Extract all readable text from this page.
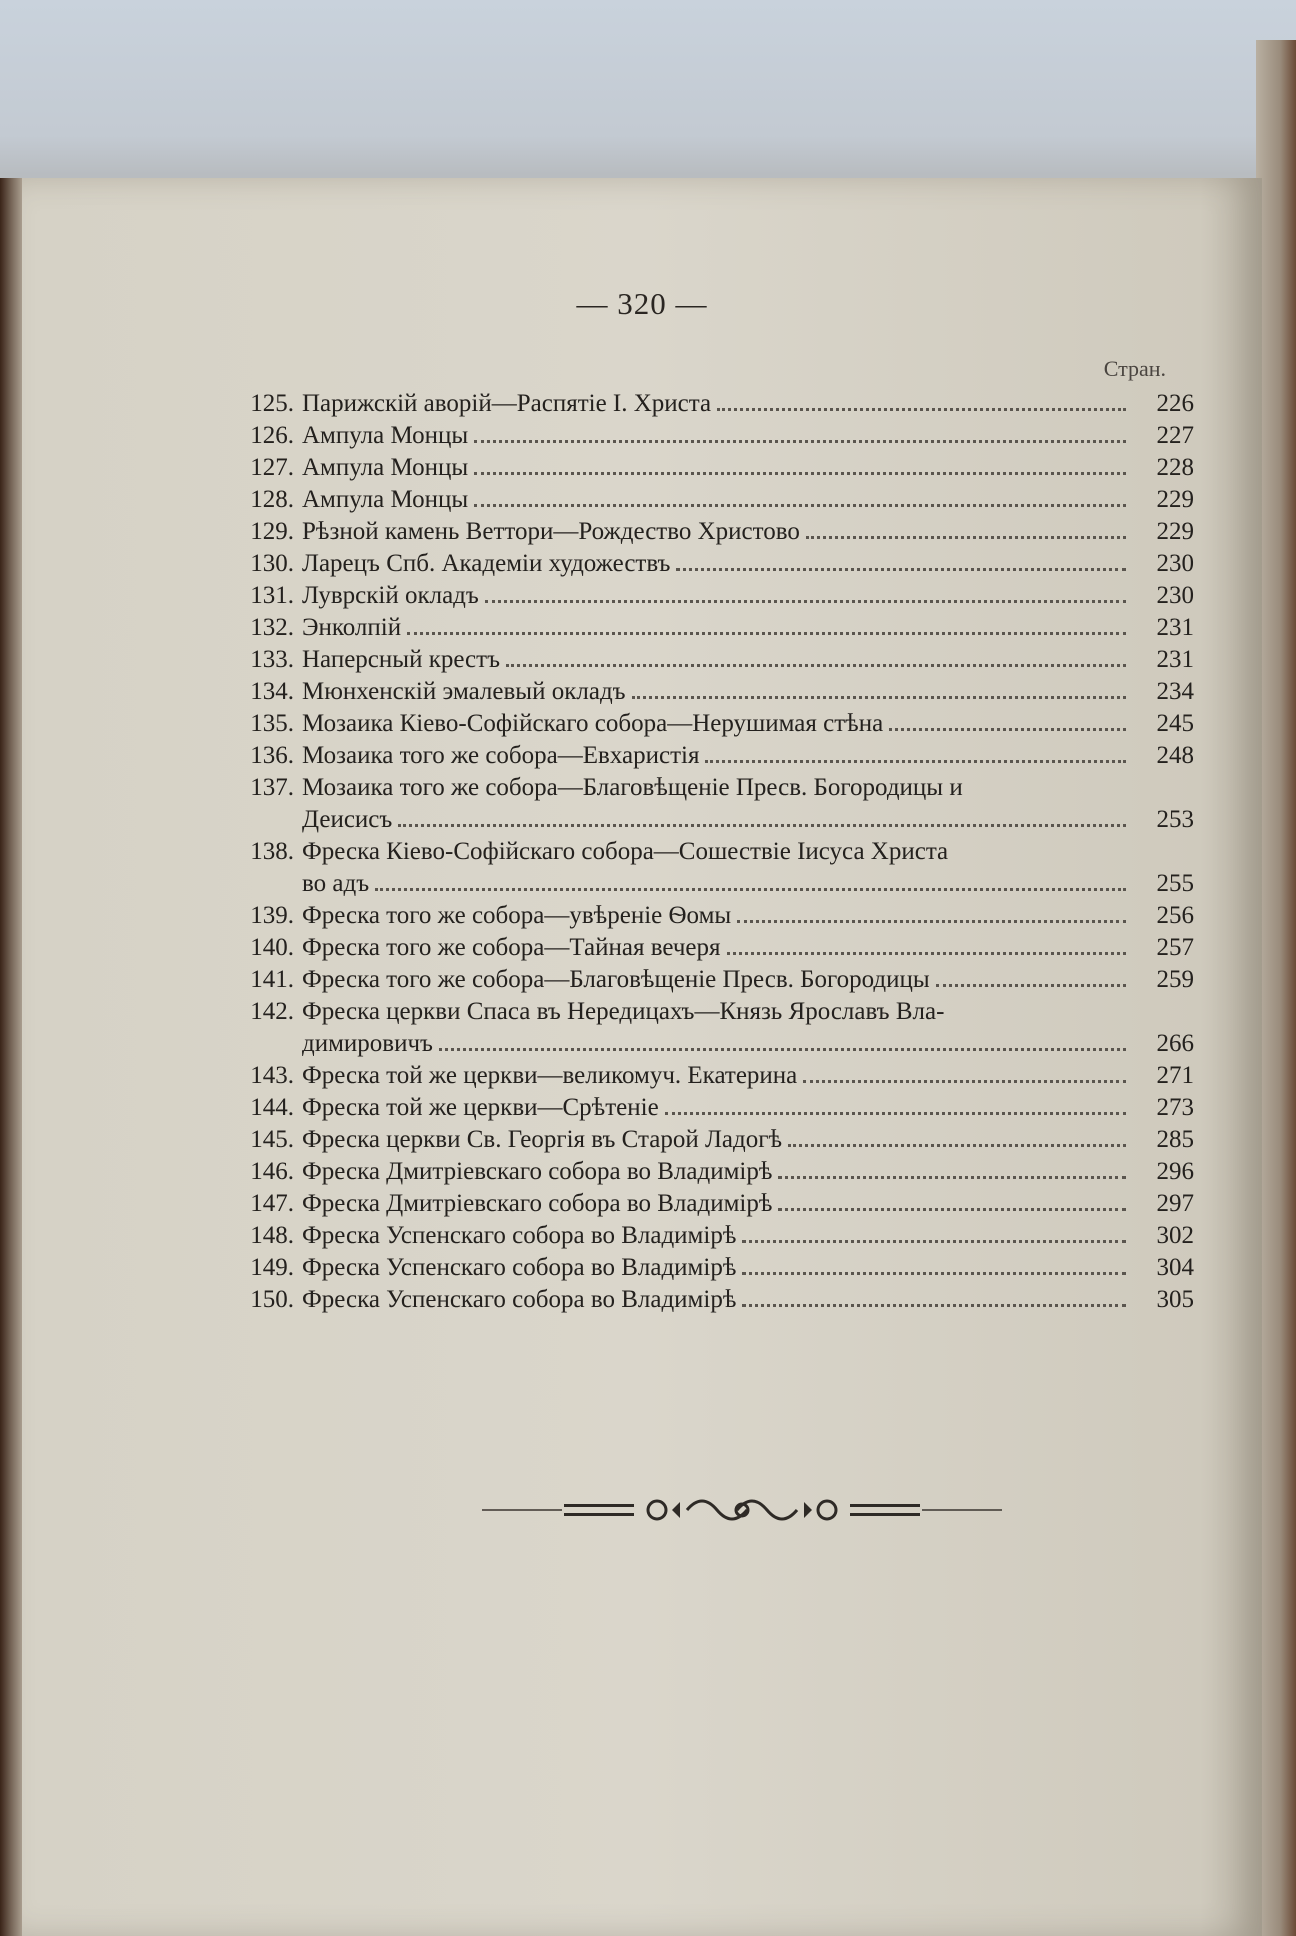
— 320 —
Стран.
125. Парижскій аворій—Распятіе І. Христа	226
126. Ампула Монцы	227
127. Ампула Монцы	228
128. Ампула Монцы	229
129. Рѣзной камень Веттори—Рождество Христово	229
130. Ларецъ Спб. Академіи художествъ	230
131. Луврскій окладъ	230
132. Энколпій	231
133. Наперсный крестъ	231
134. Мюнхенскій эмалевый окладъ	234
135. Мозаика Кіево-Софійскаго собора—Нерушимая стѣна	245
136. Мозаика того же собора—Евхаристія	248
137. Мозаика того же собора—Благовѣщеніе Пресв. Богородицы и
Деисисъ	253
138. Фреска Кіево-Софійскаго собора—Сошествіе Іисуса Христа
во адъ	255
139. Фреска того же собора—увѣреніе Ѳомы	256
140. Фреска того же собора—Тайная вечеря	257
141. Фреска того же собора—Благовѣщеніе Пресв. Богородицы	259
142. Фреска церкви Спаса въ Нередицахъ—Князь Ярославъ Вла-
димировичъ	266
143. Фреска той же церкви—великомуч. Екатерина	271
144. Фреска той же церкви—Срѣтеніе	273
145. Фреска церкви Св. Георгія въ Старой Ладогѣ	285
146. Фреска Дмитріевскаго собора во Владимірѣ	296
147. Фреска Дмитріевскаго собора во Владимірѣ	297
148. Фреска Успенскаго собора во Владимірѣ	302
149. Фреска Успенскаго собора во Владимірѣ	304
150. Фреска Успенскаго собора во Владимірѣ	305
